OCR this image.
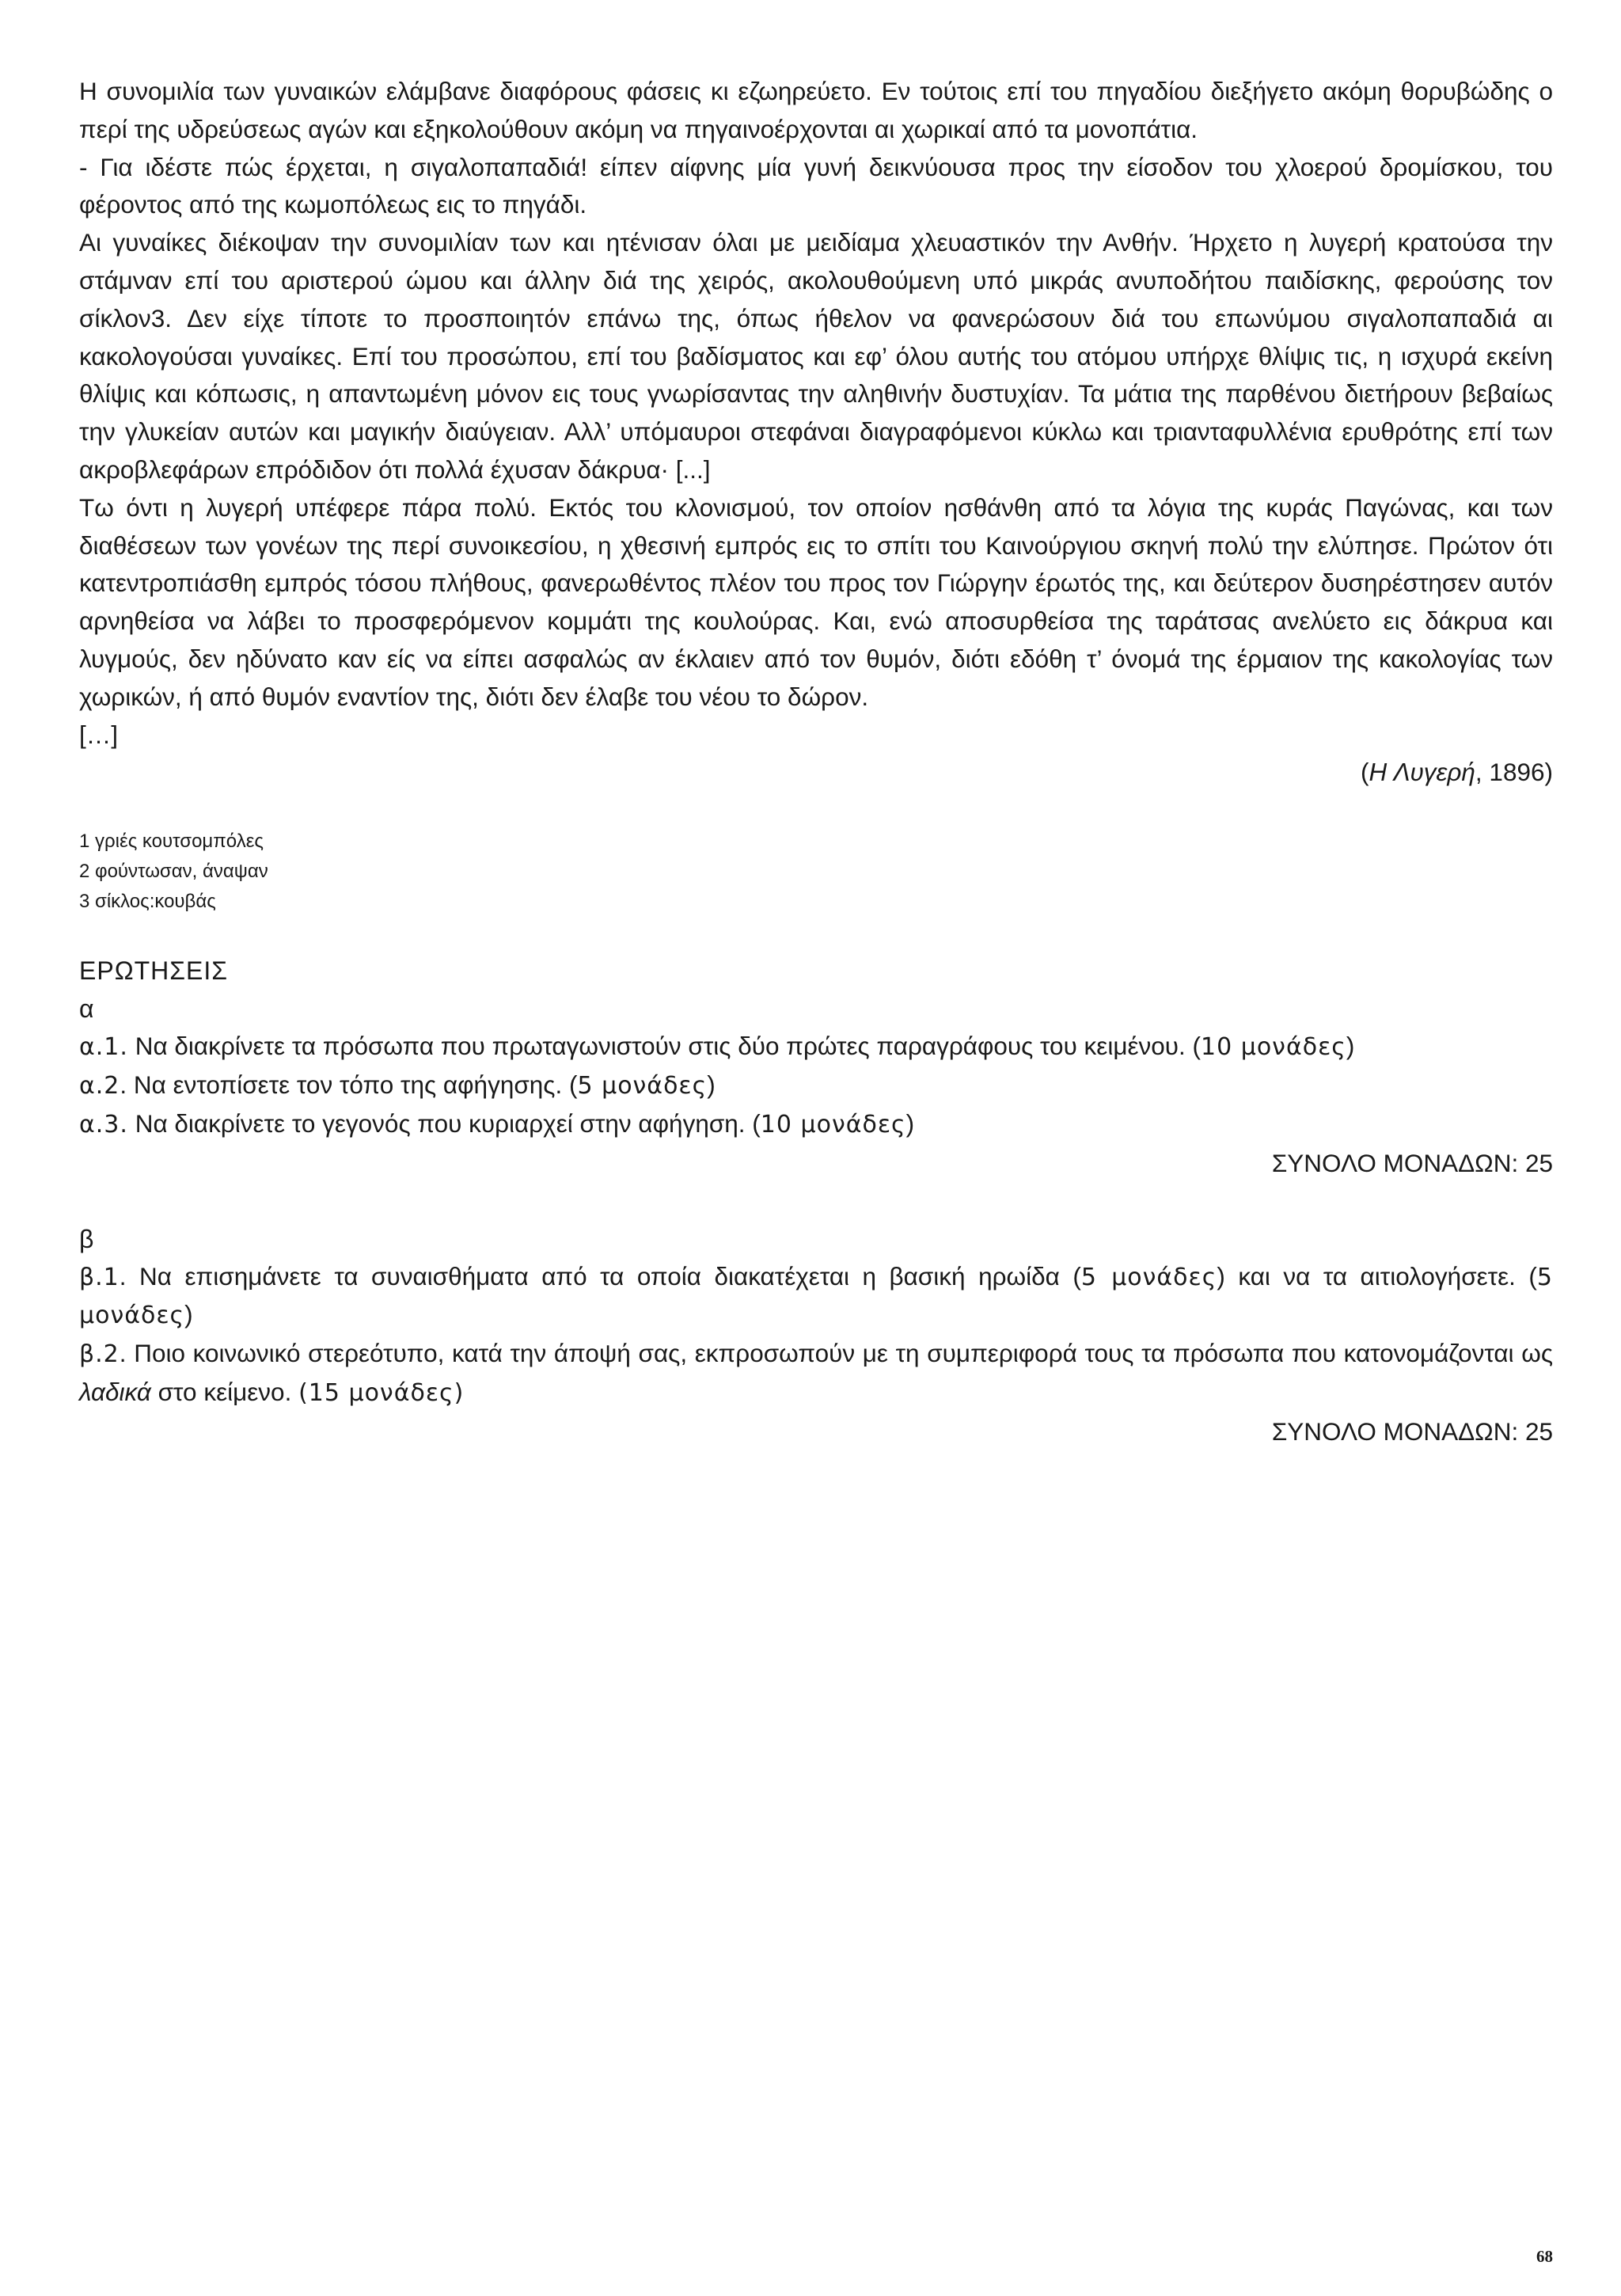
Η συνομιλία των γυναικών ελάμβανε διαφόρους φάσεις κι εζωηρεύετο. Εν τούτοις επί του πηγαδίου διεξήγετο ακόμη θορυβώδης ο περί της υδρεύσεως αγών και εξηκολούθουν ακόμη να πηγαινοέρχονται αι χωρικαί από τα μονοπάτια.

- Για ιδέστε πώς έρχεται, η σιγαλοπαπαδιά! είπεν αίφνης μία γυνή δεικνύουσα προς την είσοδον του χλοερού δρομίσκου, του φέροντος από της κωμοπόλεως εις το πηγάδι.

Αι γυναίκες διέκοψαν την συνομιλίαν των και ητένισαν όλαι με μειδίαμα χλευαστικόν την Ανθήν. Ήρχετο η λυγερή κρατούσα την στάμναν επί του αριστερού ώμου και άλλην διά της χειρός, ακολουθούμενη υπό μικράς ανυποδήτου παιδίσκης, φερούσης τον σίκλον3. Δεν είχε τίποτε το προσποιητόν επάνω της, όπως ήθελον να φανερώσουν διά του επωνύμου σιγαλοπαπαδιά αι κακολογούσαι γυναίκες. Επί του προσώπου, επί του βαδίσματος και εφ’ όλου αυτής του ατόμου υπήρχε θλίψις τις, η ισχυρά εκείνη θλίψις και κόπωσις, η απαντωμένη μόνον εις τους γνωρίσαντας την αληθινήν δυστυχίαν. Τα μάτια της παρθένου διετήρουν βεβαίως την γλυκείαν αυτών και μαγικήν διαύγειαν. Αλλ’ υπόμαυροι στεφάναι διαγραφόμενοι κύκλω και τριανταφυλλένια ερυθρότης επί των ακροβλεφάρων επρόδιδον ότι πολλά έχυσαν δάκρυα· [...]

Τω όντι η λυγερή υπέφερε πάρα πολύ. Εκτός του κλονισμού, τον οποίον ησθάνθη από τα λόγια της κυράς Παγώνας, και των διαθέσεων των γονέων της περί συνοικεσίου, η χθεσινή εμπρός εις το σπίτι του Καινούργιου σκηνή πολύ την ελύπησε. Πρώτον ότι κατεντροπιάσθη εμπρός τόσου πλήθους, φανερωθέντος πλέον του προς τον Γιώργην έρωτός της, και δεύτερον δυσηρέστησεν αυτόν αρνηθείσα να λάβει το προσφερόμενον κομμάτι της κουλούρας. Και, ενώ αποσυρθείσα της ταράτσας ανελύετο εις δάκρυα και λυγμούς, δεν ηδύνατο καν είς να είπει ασφαλώς αν έκλαιεν από τον θυμόν, διότι εδόθη τ’ όνομά της έρμαιον της κακολογίας των χωρικών, ή από θυμόν εναντίον της, διότι δεν έλαβε του νέου το δώρον.

[…]

(Η Λυγερή, 1896)

1 γριές κουτσομπόλες

2 φούντωσαν, άναψαν

3 σίκλος:κουβάς

ΕΡΩΤΗΣΕΙΣ

α

α.1. Να διακρίνετε τα πρόσωπα που πρωταγωνιστούν στις δύο πρώτες παραγράφους του κειμένου. (10 μονάδες)

α.2. Να εντοπίσετε τον τόπο της αφήγησης. (5 μονάδες)

α.3. Να διακρίνετε το γεγονός που κυριαρχεί στην αφήγηση. (10 μονάδες)

ΣΥΝΟΛΟ ΜΟΝΑΔΩΝ: 25

β

β.1. Να επισημάνετε τα συναισθήματα από τα οποία διακατέχεται η βασική ηρωίδα (5 μονάδες) και να τα αιτιολογήσετε. (5 μονάδες)

β.2. Ποιο κοινωνικό στερεότυπο, κατά την άποψή σας, εκπροσωπούν με τη συμπεριφορά τους τα πρόσωπα που κατονομάζονται ως λαδικά στο κείμενο. (15 μονάδες)

ΣΥΝΟΛΟ ΜΟΝΑΔΩΝ: 25

68
